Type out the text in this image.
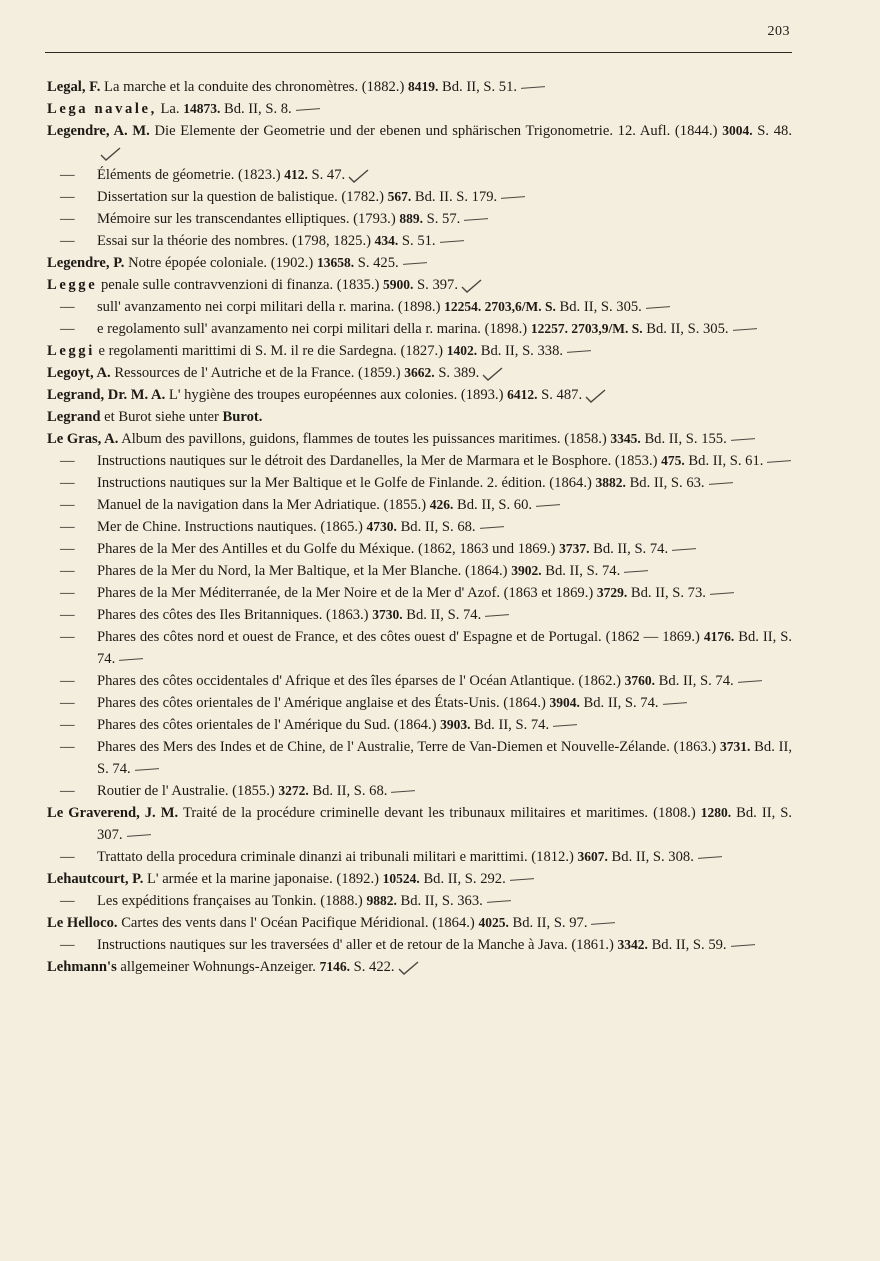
203
Legal, F. La marche et la conduite des chronomètres. (1882.) 8419. Bd. II, S. 51.
Lega navale, La. 14873. Bd. II, S. 8.
Legendre, A. M. Die Elemente der Geometrie und der ebenen und sphärischen Trigonometrie. 12. Aufl. (1844.) 3004. S. 48.
— Éléments de géometrie. (1823.) 412. S. 47.
— Dissertation sur la question de balistique. (1782.) 567. Bd. II. S. 179.
— Mémoire sur les transcendantes elliptiques. (1793.) 889. S. 57.
— Essai sur la théorie des nombres. (1798, 1825.) 434. S. 51.
Legendre, P. Notre épopée coloniale. (1902.) 13658. S. 425.
Legge penale sulle contravvenzioni di finanza. (1835.) 5900. S. 397.
— sull' avanzamento nei corpi militari della r. marina. (1898.) 12254. 2703,6/M. S. Bd. II, S. 305.
— e regolamento sull' avanzamento nei corpi militari della r. marina. (1898.) 12257. 2703,9/M. S. Bd. II, S. 305.
Leggi e regolamenti marittimi di S. M. il re die Sardegna. (1827.) 1402. Bd. II, S. 338.
Legoyt, A. Ressources de l' Autriche et de la France. (1859.) 3662. S. 389.
Legrand, Dr. M. A. L' hygiène des troupes européennes aux colonies. (1893.) 6412. S. 487.
Legrand et Burot siehe unter Burot.
Le Gras, A. Album des pavillons, guidons, flammes de toutes les puissances maritimes. (1858.) 3345. Bd. II, S. 155.
— Instructions nautiques sur le détroit des Dardanelles, la Mer de Marmara et le Bosphore. (1853.) 475. Bd. II, S. 61.
— Instructions nautiques sur la Mer Baltique et le Golfe de Finlande. 2. édition. (1864.) 3882. Bd. II, S. 63.
— Manuel de la navigation dans la Mer Adriatique. (1855.) 426. Bd. II, S. 60.
— Mer de Chine. Instructions nautiques. (1865.) 4730. Bd. II, S. 68.
— Phares de la Mer des Antilles et du Golfe du Méxique. (1862, 1863 und 1869.) 3737. Bd. II, S. 74.
— Phares de la Mer du Nord, la Mer Baltique, et la Mer Blanche. (1864.) 3902. Bd. II, S. 74.
— Phares de la Mer Méditerranée, de la Mer Noire et de la Mer d' Azof. (1863 et 1869.) 3729. Bd. II, S. 73.
— Phares des côtes des Iles Britanniques. (1863.) 3730. Bd. II, S. 74.
— Phares des côtes nord et ouest de France, et des côtes ouest d' Espagne et de Portugal. (1862 — 1869.) 4176. Bd. II, S. 74.
— Phares des côtes occidentales d' Afrique et des îles éparses de l' Océan Atlantique. (1862.) 3760. Bd. II, S. 74.
— Phares des côtes orientales de l' Amérique anglaise et des États-Unis. (1864.) 3904. Bd. II, S. 74.
— Phares des côtes orientales de l' Amérique du Sud. (1864.) 3903. Bd. II, S. 74.
— Phares des Mers des Indes et de Chine, de l' Australie, Terre de Van-Diemen et Nouvelle-Zélande. (1863.) 3731. Bd. II, S. 74.
— Routier de l' Australie. (1855.) 3272. Bd. II, S. 68.
Le Graverend, J. M. Traité de la procédure criminelle devant les tribunaux militaires et maritimes. (1808.) 1280. Bd. II, S. 307.
— Trattato della procedura criminale dinanzi ai tribunali militari e marittimi. (1812.) 3607. Bd. II, S. 308.
Lehautcourt, P. L' armée et la marine japonaise. (1892.) 10524. Bd. II, S. 292.
— Les expéditions françaises au Tonkin. (1888.) 9882. Bd. II, S. 363.
Le Helloco. Cartes des vents dans l' Océan Pacifique Méridional. (1864.) 4025. Bd. II, S. 97.
— Instructions nautiques sur les traversées d' aller et de retour de la Manche à Java. (1861.) 3342. Bd. II, S. 59.
Lehmann's allgemeiner Wohnungs-Anzeiger. 7146. S. 422.
